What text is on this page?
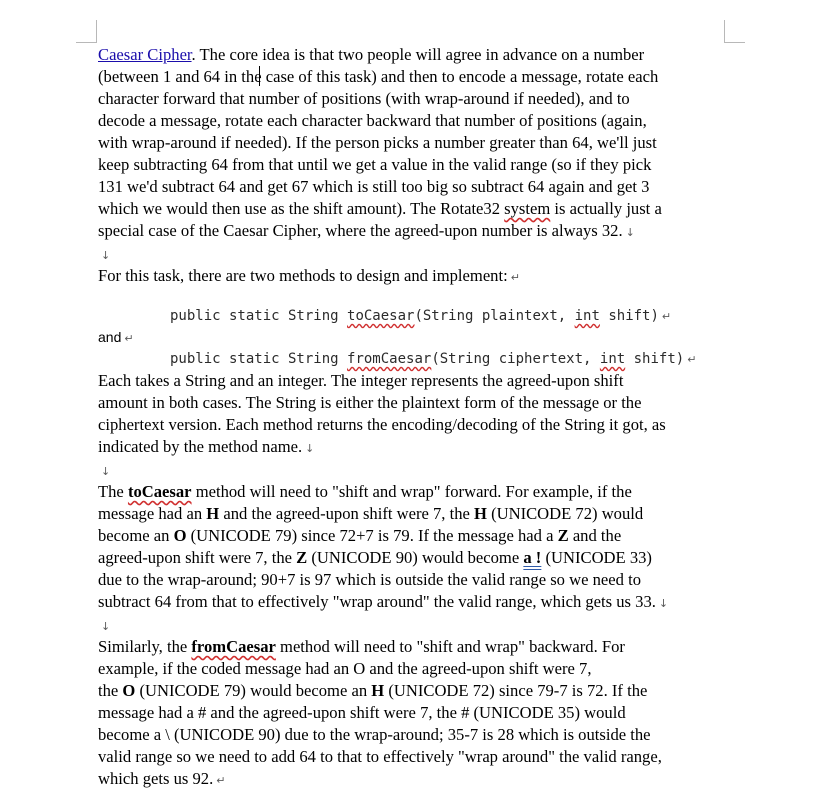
Caesar Cipher. The core idea is that two people will agree in advance on a number
(between 1 and 64 in the case of this task) and then to encode a message, rotate each
character forward that number of positions (with wrap-around if needed), and to
decode a message, rotate each character backward that number of positions (again,
with wrap-around if needed). If the person picks a number greater than 64, we'll just
keep subtracting 64 from that until we get a value in the valid range (so if they pick
131 we'd subtract 64 and get 67 which is still too big so subtract 64 again and get 3
which we would then use as the shift amount). The Rotate32 system is actually just a
special case of the Caesar Cipher, where the agreed-upon number is always 32. ↓
↓
For this task, there are two methods to design and implement: ↵
public static String toCaesar(String plaintext, int shift) ↵
and ↵
public static String fromCaesar(String ciphertext, int shift) ↵
Each takes a String and an integer. The integer represents the agreed-upon shift
amount in both cases. The String is either the plaintext form of the message or the
ciphertext version. Each method returns the encoding/decoding of the String it got, as
indicated by the method name. ↓
↓
The toCaesar method will need to "shift and wrap" forward. For example, if the
message had an H and the agreed-upon shift were 7, the H (UNICODE 72) would
become an O (UNICODE 79) since 72+7 is 79. If the message had a Z and the
agreed-upon shift were 7, the Z (UNICODE 90) would become a ! (UNICODE 33)
due to the wrap-around; 90+7 is 97 which is outside the valid range so we need to
subtract 64 from that to effectively "wrap around" the valid range, which gets us 33. ↓
↓
Similarly, the fromCaesar method will need to "shift and wrap" backward. For
example, if the coded message had an O and the agreed-upon shift were 7,
the O (UNICODE 79) would become an H (UNICODE 72) since 79-7 is 72. If the
message had a # and the agreed-upon shift were 7, the # (UNICODE 35) would
become a \ (UNICODE 90) due to the wrap-around; 35-7 is 28 which is outside the
valid range so we need to add 64 to that to effectively "wrap around" the valid range,
which gets us 92. ↵
